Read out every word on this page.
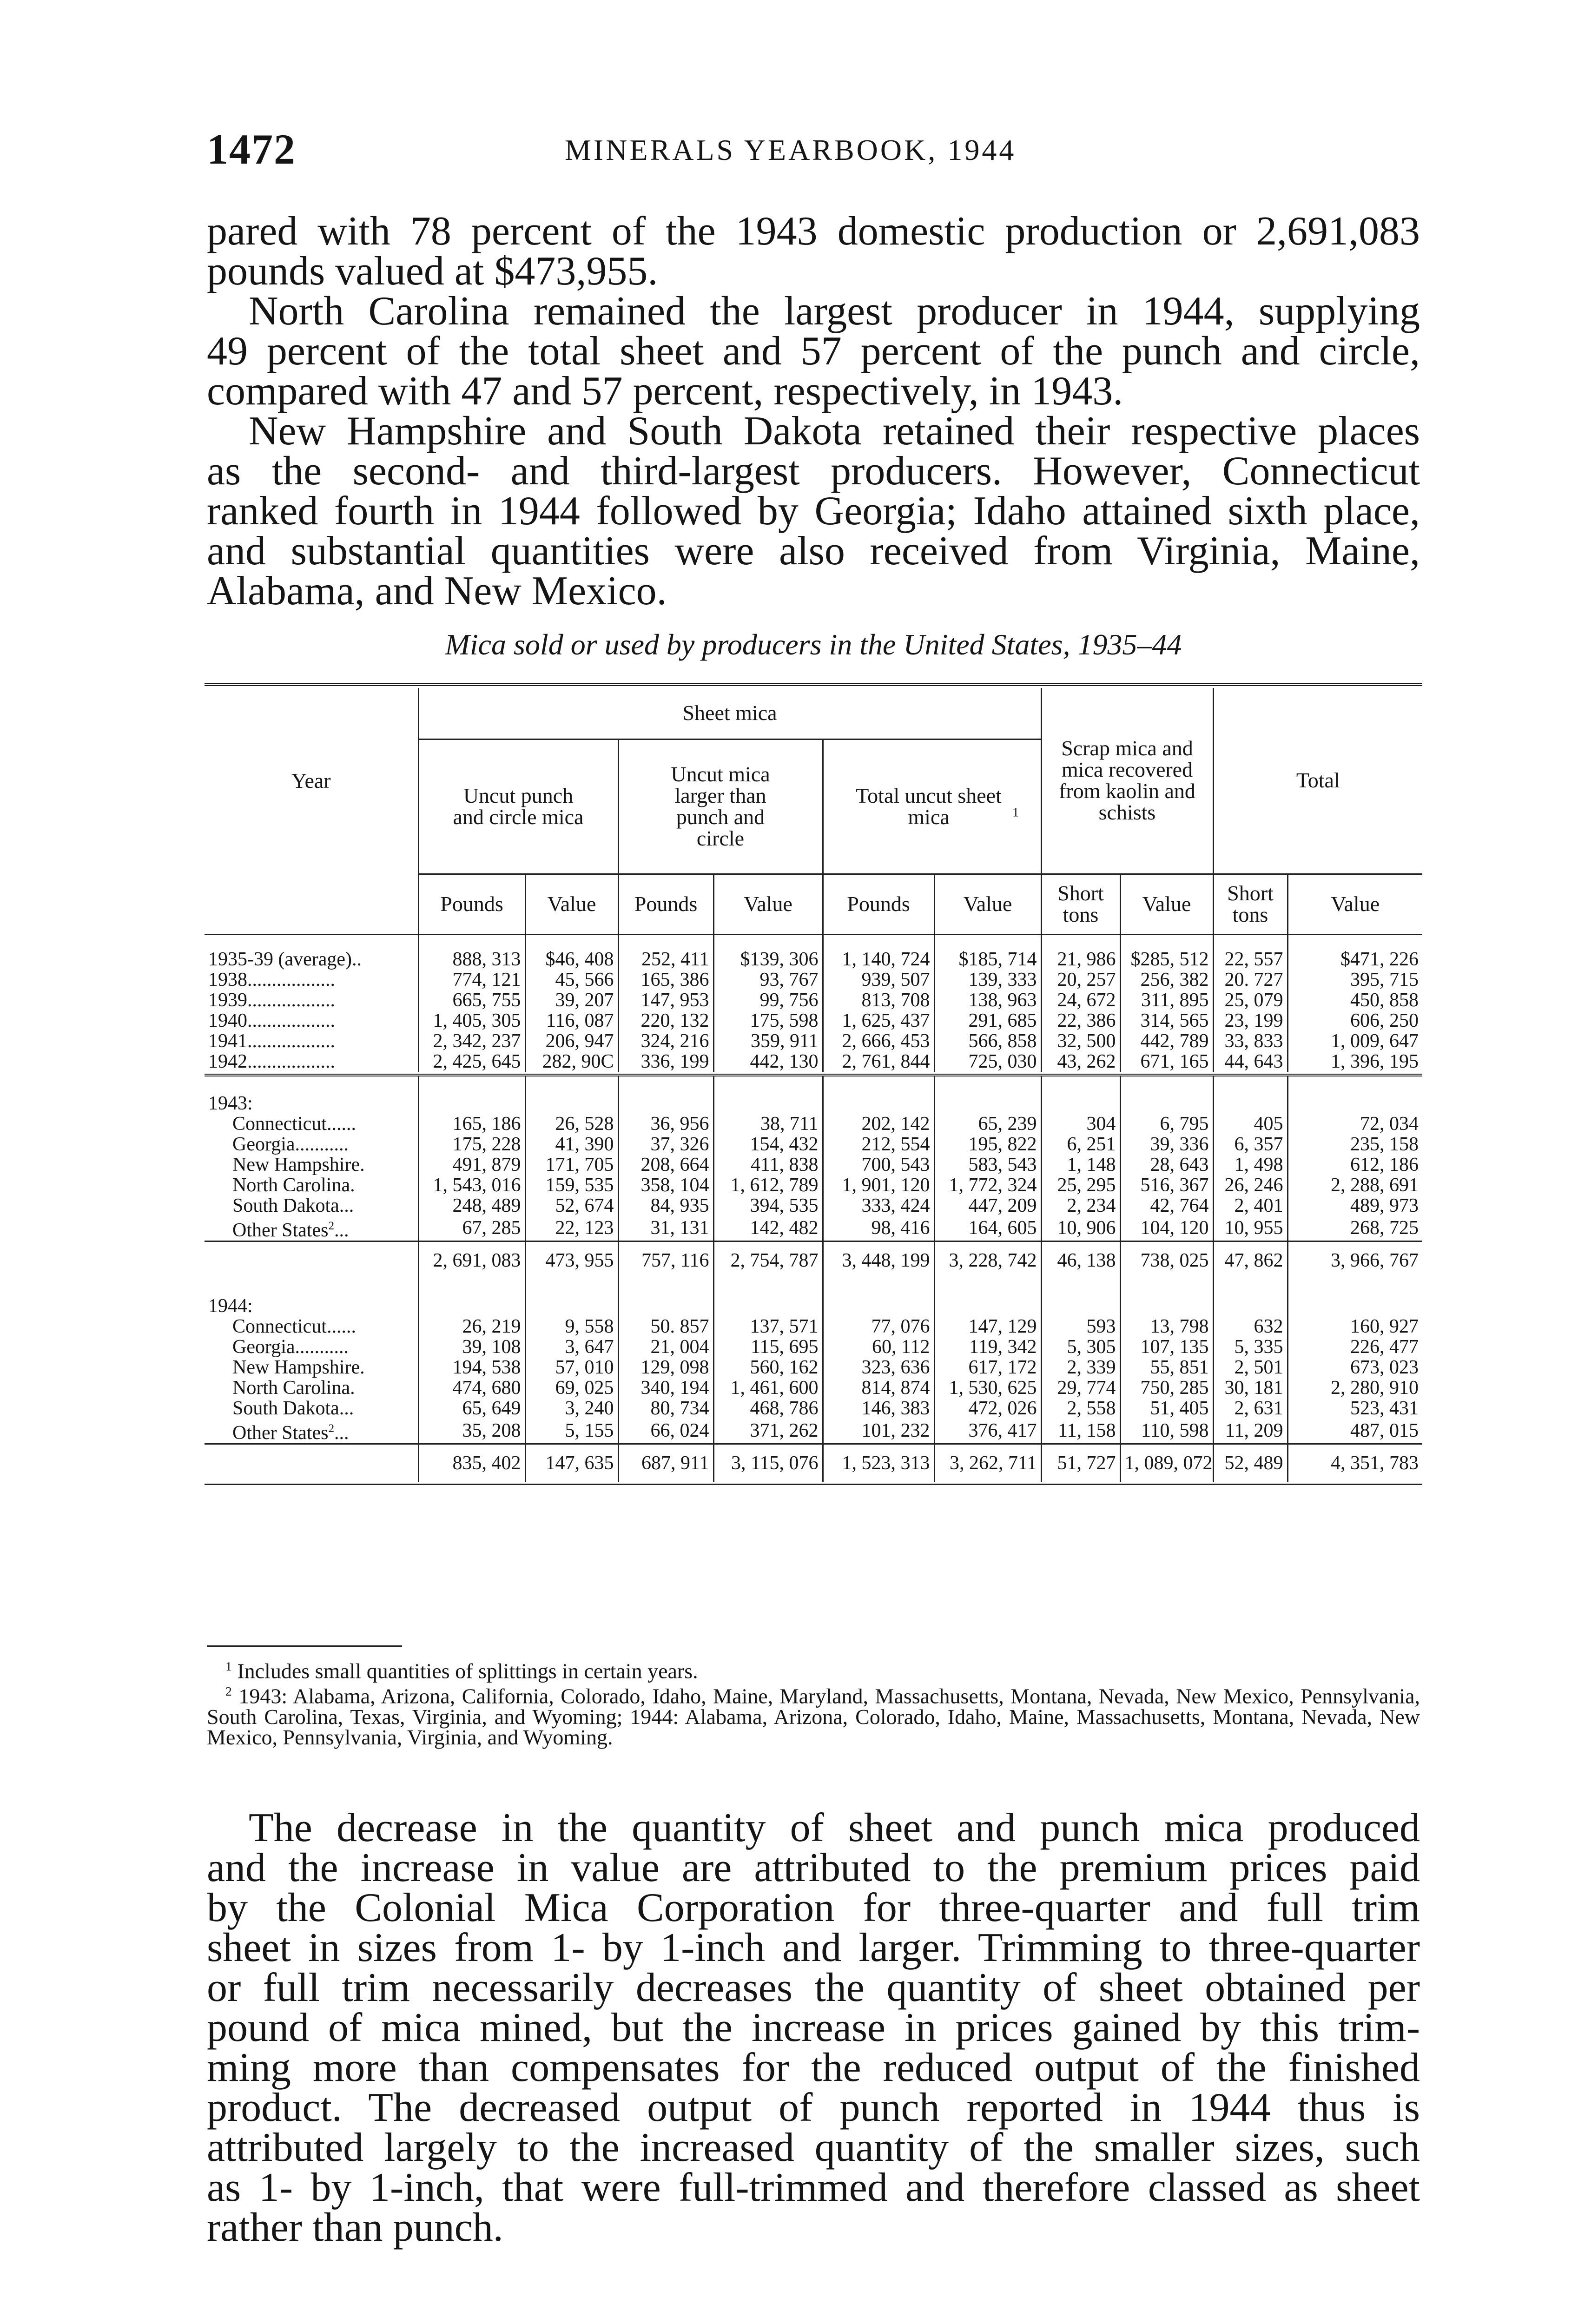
1472	MINERALS YEARBOOK, 1944

pared with 78 percent of the 1943 domestic production or 2,691,083
pounds valued at $473,955.

North Carolina remained the largest producer in 1944, supplying
49 percent of the total sheet and 57 percent of the punch and circle,
compared with 47 and 57 percent, respectively, in 1943.

New Hampshire and South Dakota retained their respective places
as the second- and third-largest producers. However, Connecticut
ranked fourth in 1944 followed by Georgia; Idaho attained sixth place,
and substantial quantities were also received from Virginia, Maine,
Alabama, and New Mexico.

Mica sold or used by producers in the United States, 1935–44

Year	Sheet mica						Scrap mica and mica recovered from kaolin and schists		Total	
	Uncut punch and circle mica		Uncut mica larger than punch and circle		Total uncut sheet mica $^1$
	Pounds	Value	Pounds	Value	Pounds	Value	Short tons	Value	Short tons	Value
1935-39 (average)..	888, 313	$46, 408	252, 411	$139, 306	1, 140, 724	$185, 714	21, 986	$285, 512	22, 557	$471, 226
1938..................	774, 121	45, 566	165, 386	93, 767	939, 507	139, 333	20, 257	256, 382	20. 727	395, 715
1939..................	665, 755	39, 207	147, 953	99, 756	813, 708	138, 963	24, 672	311, 895	25, 079	450, 858
1940..................	1, 405, 305	116, 087	220, 132	175, 598	1, 625, 437	291, 685	22, 386	314, 565	23, 199	606, 250
1941..................	2, 342, 237	206, 947	324, 216	359, 911	2, 666, 453	566, 858	32, 500	442, 789	33, 833	1, 009, 647
1942..................	2, 425, 645	282, 90C	336, 199	442, 130	2, 761, 844	725, 030	43, 262	671, 165	44, 643	1, 396, 195

1943:										
Connecticut......	165, 186	26, 528	36, 956	38, 711	202, 142	65, 239	304	6, 795	405	72, 034
Georgia...........	175, 228	41, 390	37, 326	154, 432	212, 554	195, 822	6, 251	39, 336	6, 357	235, 158
New Hampshire.	491, 879	171, 705	208, 664	411, 838	700, 543	583, 543	1, 148	28, 643	1, 498	612, 186
North Carolina.	1, 543, 016	159, 535	358, 104	1, 612, 789	1, 901, 120	1, 772, 324	25, 295	516, 367	26, 246	2, 288, 691
South Dakota...	248, 489	52, 674	84, 935	394, 535	333, 424	447, 209	2, 234	42, 764	2, 401	489, 973
Other States$^2$...	67, 285	22, 123	31, 131	142, 482	98, 416	164, 605	10, 906	104, 120	10, 955	268, 725
	2, 691, 083	473, 955	757, 116	2, 754, 787	3, 448, 199	3, 228, 742	46, 138	738, 025	47, 862	3, 966, 767
1944:										
Connecticut......	26, 219	9, 558	50. 857	137, 571	77, 076	147, 129	593	13, 798	632	160, 927
Georgia...........	39, 108	3, 647	21, 004	115, 695	60, 112	119, 342	5, 305	107, 135	5, 335	226, 477
New Hampshire.	194, 538	57, 010	129, 098	560, 162	323, 636	617, 172	2, 339	55, 851	2, 501	673, 023
North Carolina.	474, 680	69, 025	340, 194	1, 461, 600	814, 874	1, 530, 625	29, 774	750, 285	30, 181	2, 280, 910
South Dakota...	65, 649	3, 240	80, 734	468, 786	146, 383	472, 026	2, 558	51, 405	2, 631	523, 431
Other States$^2$...	35, 208	5, 155	66, 024	371, 262	101, 232	376, 417	11, 158	110, 598	11, 209	487, 015
	835, 402	147, 635	687, 911	3, 115, 076	1, 523, 313	3, 262, 711	51, 727	1, 089, 072	52, 489	4, 351, 783

$^1$ Includes small quantities of splittings in certain years.

$^2$ 1943: Alabama, Arizona, California, Colorado, Idaho, Maine, Maryland, Massachusetts, Montana, Nevada, New Mexico, Pennsylvania, South Carolina, Texas, Virginia, and Wyoming; 1944: Alabama, Arizona, Colorado, Idaho, Maine, Massachusetts, Montana, Nevada, New Mexico, Pennsylvania, Virginia, and Wyoming.

The decrease in the quantity of sheet and punch mica produced
and the increase in value are attributed to the premium prices paid
by the Colonial Mica Corporation for three-quarter and full trim
sheet in sizes from 1- by 1-inch and larger. Trimming to three-quarter
or full trim necessarily decreases the quantity of sheet obtained per
pound of mica mined, but the increase in prices gained by this trim-
ming more than compensates for the reduced output of the finished
product. The decreased output of punch reported in 1944 thus is
attributed largely to the increased quantity of the smaller sizes, such
as 1- by 1-inch, that were full-trimmed and therefore classed as sheet
rather than punch.
